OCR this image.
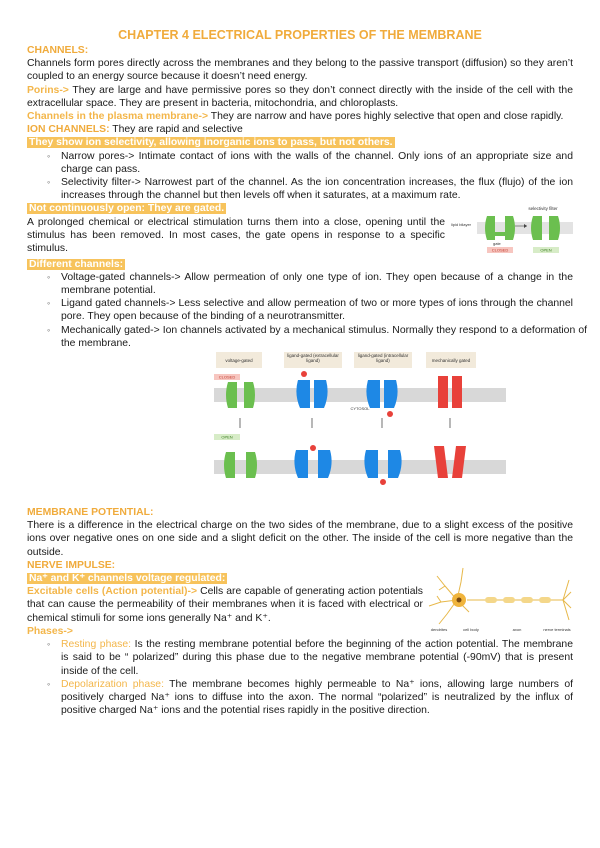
CHAPTER 4 ELECTRICAL PROPERTIES OF THE MEMBRANE
CHANNELS:

Channels form pores directly across the membranes and they belong to the passive transport (diffusion) so they aren’t coupled to an energy source because it doesn’t need energy.

Porins-> They are large and have permissive pores so they don’t connect directly with the inside of the cell with the extracellular space. They are present in bacteria, mitochondria, and chloroplasts.

Channels in the plasma membrane-> They are narrow and have pores highly selective that open and close rapidly.

ION CHANNELS: They are rapid and selective

They show ion selectivity, allowing inorganic ions to pass, but not others.
◦ Narrow pores-> Intimate contact of ions with the walls of the channel. Only ions of an appropriate size and charge can pass.
◦ Selectivity filter-> Narrowest part of the channel. As the ion concentration increases, the flux (flujo) of the ion increases through the channel but then levels off when it saturates, at a maximum rate.
Not continuously open: They are gated.

A prolonged chemical or electrical stimulation turns them into a close, opening until the stimulus has been removed. In most cases, the gate opens in response to a specific stimulus.

selectivity filter
lipid bilayer
gate
CLOSED	OPEN
Different channels:
◦ Voltage-gated channels-> Allow permeation of only one type of ion. They open because of a change in the membrane potential.
◦ Ligand gated channels-> Less selective and allow permeation of two or more types of ions through the channel pore. They open because of the binding of a neurotransmitter.
◦ Mechanically gated-> Ion channels activated by a mechanical stimulus. Normally they respond to a deformation of the membrane.
voltage-gated
ligand-gated (extracellular ligand)
ligand-gated (intracellular ligand)	mechanically gated
CLOSED
CYTOSOL
OPEN
MEMBRANE POTENTIAL:

There is a difference in the electrical charge on the two sides of the membrane, due to a slight excess of the positive ions over negative ones on one side and a slight deficit on the other. The inside of the cell is more negative than the outside.

NERVE IMPULSE:
Na⁺ and K⁺ channels voltage regulated:

Excitable cells (Action potential)-> Cells are capable of generating action potentials that can cause the permeability of their membranes when it is faced with electrical or chemical stimuli for some ions generally Na⁺ and K⁺.

Phases->	dendrites	cell body	axon	nerve terminals
◦ Resting phase: Is the resting membrane potential before the beginning of the action potential. The membrane is said to be “ polarized” during this phase due to the negative membrane potential (-90mV) that is present inside of the cell.
◦ Depolarization phase: The membrane becomes highly permeable to Na⁺ ions, allowing large numbers of positively charged Na⁺ ions to diffuse into the axon. The normal “polarized” is neutralized by the influx of positive charged Na⁺ ions and the potential rises rapidly in the positive direction.
